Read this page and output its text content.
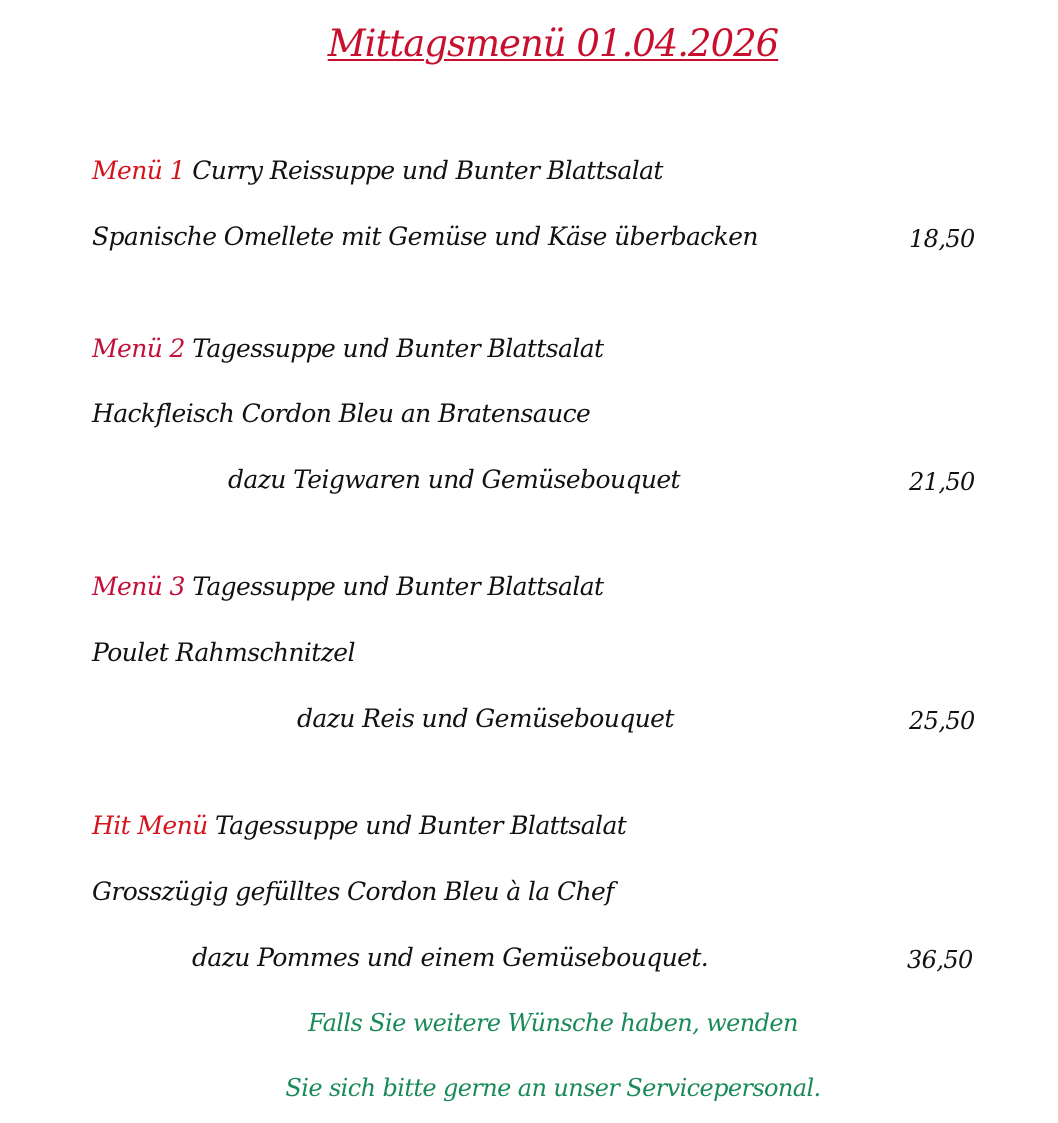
Mittagsmenü 01.04.2026
Menü 1 Curry Reissuppe und Bunter Blattsalat
Spanische Omellete mit Gemüse und Käse überbacken	18,50
Menü 2 Tagessuppe und Bunter Blattsalat
Hackfleisch Cordon Bleu an Bratensauce
dazu Teigwaren und Gemüsebouquet	21,50
Menü 3 Tagessuppe und Bunter Blattsalat
Poulet Rahmschnitzel
dazu Reis und Gemüsebouquet	25,50
Hit Menü Tagessuppe und Bunter Blattsalat
Grosszügig gefülltes Cordon Bleu à la Chef
dazu Pommes und einem Gemüsebouquet.	36,50
Falls Sie weitere Wünsche haben, wenden
Sie sich bitte gerne an unser Servicepersonal.
